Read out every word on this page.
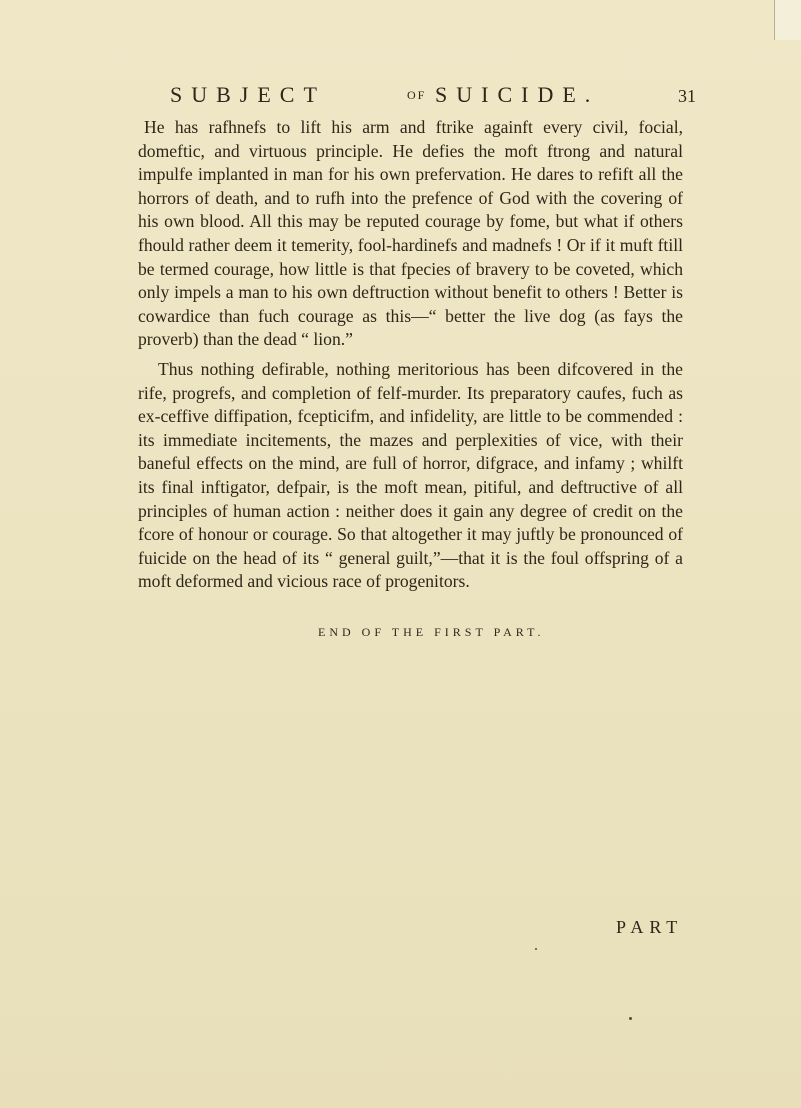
SUBJECT	OF SUICIDE.	31

He has rafhnefs to lift his arm and ftrike againft every civil, focial, domeftic, and virtuous principle. He defies the moft ftrong and natural impulfe implanted in man for his own prefervation. He dares to refift all the horrors of death, and to rufh into the prefence of God with the covering of his own blood. All this may be reputed courage by fome, but what if others fhould rather deem it temerity, fool-hardinefs and madnefs ! Or if it muft ftill be termed courage, how little is that fpecies of bravery to be coveted, which only impels a man to his own deftruction without benefit to others ! Better is cowardice than fuch courage as this—“ better the live dog (as fays the proverb) than the dead “ lion.”

Thus nothing defirable, nothing meritorious has been difcovered in the rife, progrefs, and completion of felf-murder. Its preparatory caufes, fuch as ex-ceffive diffipation, fcepticifm, and infidelity, are little to be commended : its immediate incitements, the mazes and perplexities of vice, with their baneful effects on the mind, are full of horror, difgrace, and infamy ; whilft its final inftigator, defpair, is the moft mean, pitiful, and deftructive of all principles of human action : neither does it gain any degree of credit on the fcore of honour or courage. So that altogether it may juftly be pronounced of fuicide on the head of its “ general guilt,”—that it is the foul offspring of a moft deformed and vicious race of progenitors.

END OF THE FIRST PART.

PART
